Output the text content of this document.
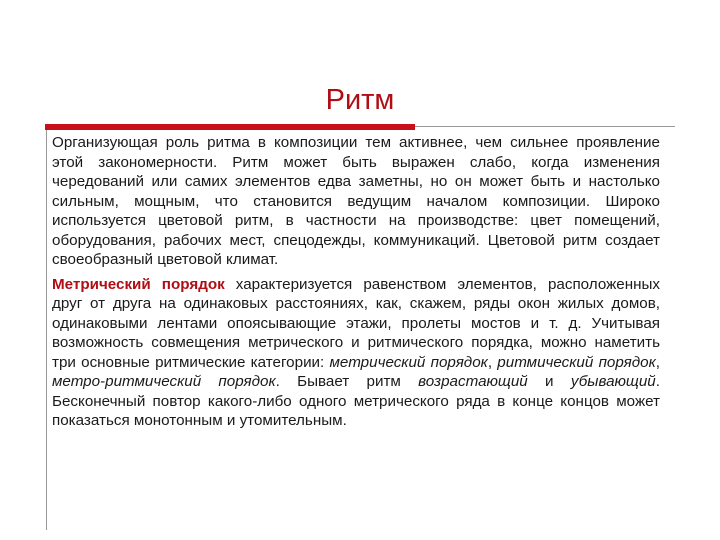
Ритм

Организующая роль ритма в композиции тем активнее, чем сильнее проявление этой закономерности. Ритм может быть выражен слабо, когда изменения чередований или самих элементов едва заметны, но он может быть и настолько сильным, мощным, что становится ведущим началом композиции. Широко используется цветовой ритм, в частности на производстве: цвет помещений, оборудования, рабочих мест, спецодежды, коммуникаций. Цветовой ритм создает своеобразный цветовой климат.

Метрический порядок характеризуется равенством элементов, расположенных друг от друга на одинаковых расстояниях, как, скажем, ряды окон жилых домов, одинаковыми лентами опоясывающие этажи, пролеты мостов и т. д. Учитывая возможность совмещения метрического и ритмического порядка, можно наметить три основные ритмические категории: метрический порядок, ритмический порядок, метро-ритмический порядок. Бывает ритм возрастающий и убывающий. Бесконечный повтор какого-либо одного метрического ряда в конце концов может показаться монотонным и утомительным.
